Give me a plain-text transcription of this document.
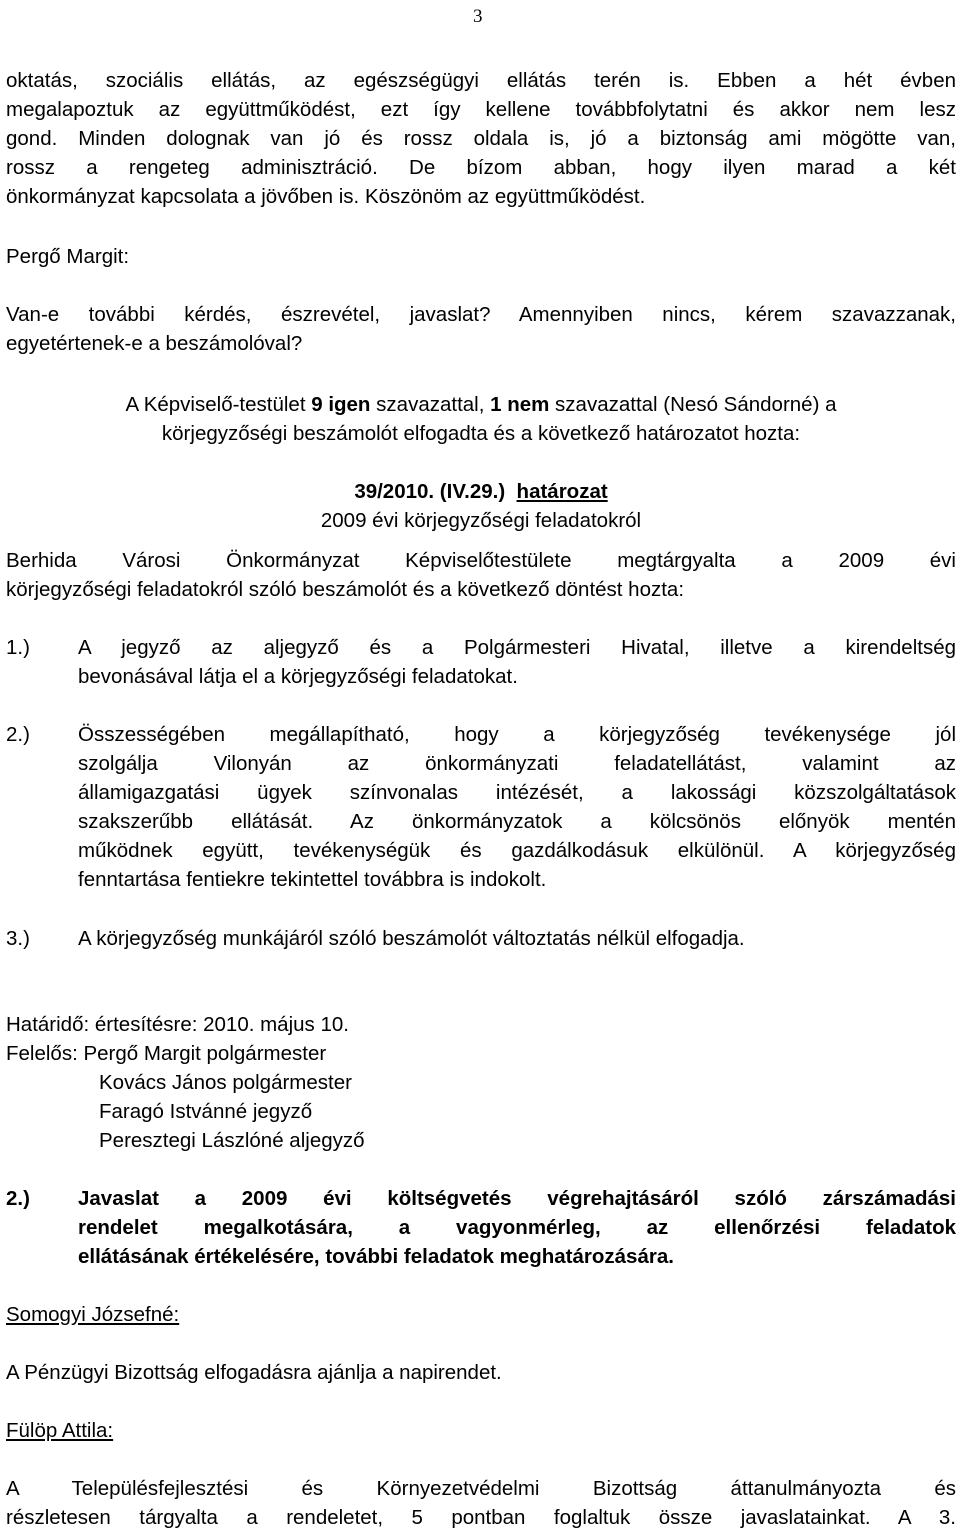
3
oktatás, szociális ellátás, az egészségügyi ellátás terén is. Ebben a hét évben
megalapoztuk az együttműködést, ezt így kellene továbbfolytatni és akkor nem lesz
gond. Minden dolognak van jó és rossz oldala is, jó a biztonság ami mögötte van,
rossz a rengeteg adminisztráció. De bízom abban, hogy ilyen marad a két
önkormányzat kapcsolata a jövőben is. Köszönöm az együttműködést.
Pergő Margit:
Van-e további kérdés, észrevétel, javaslat? Amennyiben nincs, kérem szavazzanak,
egyetértenek-e a beszámolóval?
A Képviselő-testület 9 igen szavazattal, 1 nem szavazattal (Nesó Sándorné) a
körjegyzőségi beszámolót elfogadta és a következő határozatot hozta:
39/2010. (IV.29.) határozat
2009 évi körjegyzőségi feladatokról
Berhida Városi Önkormányzat Képviselőtestülete megtárgyalta a 2009 évi
körjegyzőségi feladatokról szóló beszámolót és a következő döntést hozta:
1.) A jegyző az aljegyző és a Polgármesteri Hivatal, illetve a kirendeltség
bevonásával látja el a körjegyzőségi feladatokat.
2.) Összességében megállapítható, hogy a körjegyzőség tevékenysége jól
szolgálja Vilonyán az önkormányzati feladatellátást, valamint az
államigazgatási ügyek színvonalas intézését, a lakossági közszolgáltatások
szakszerűbb ellátását. Az önkormányzatok a kölcsönös előnyök mentén
működnek együtt, tevékenységük és gazdálkodásuk elkülönül. A körjegyzőség
fenntartása fentiekre tekintettel továbbra is indokolt.
3.) A körjegyzőség munkájáról szóló beszámolót változtatás nélkül elfogadja.
Határidő: értesítésre: 2010. május 10.
Felelős: Pergő Margit polgármester
Kovács János polgármester
Faragó Istvánné jegyző
Peresztegi Lászlóné aljegyző
2.) Javaslat a 2009 évi költségvetés végrehajtásáról szóló zárszámadási
rendelet megalkotására, a vagyonmérleg, az ellenőrzési feladatok
ellátásának értékelésére, további feladatok meghatározására.
Somogyi Józsefné:
A Pénzügyi Bizottság elfogadásra ajánlja a napirendet.
Fülöp Attila:
A Településfejlesztési és Környezetvédelmi Bizottság áttanulmányozta és
részletesen tárgyalta a rendeletet, 5 pontban foglaltuk össze javaslatainkat. A 3.
